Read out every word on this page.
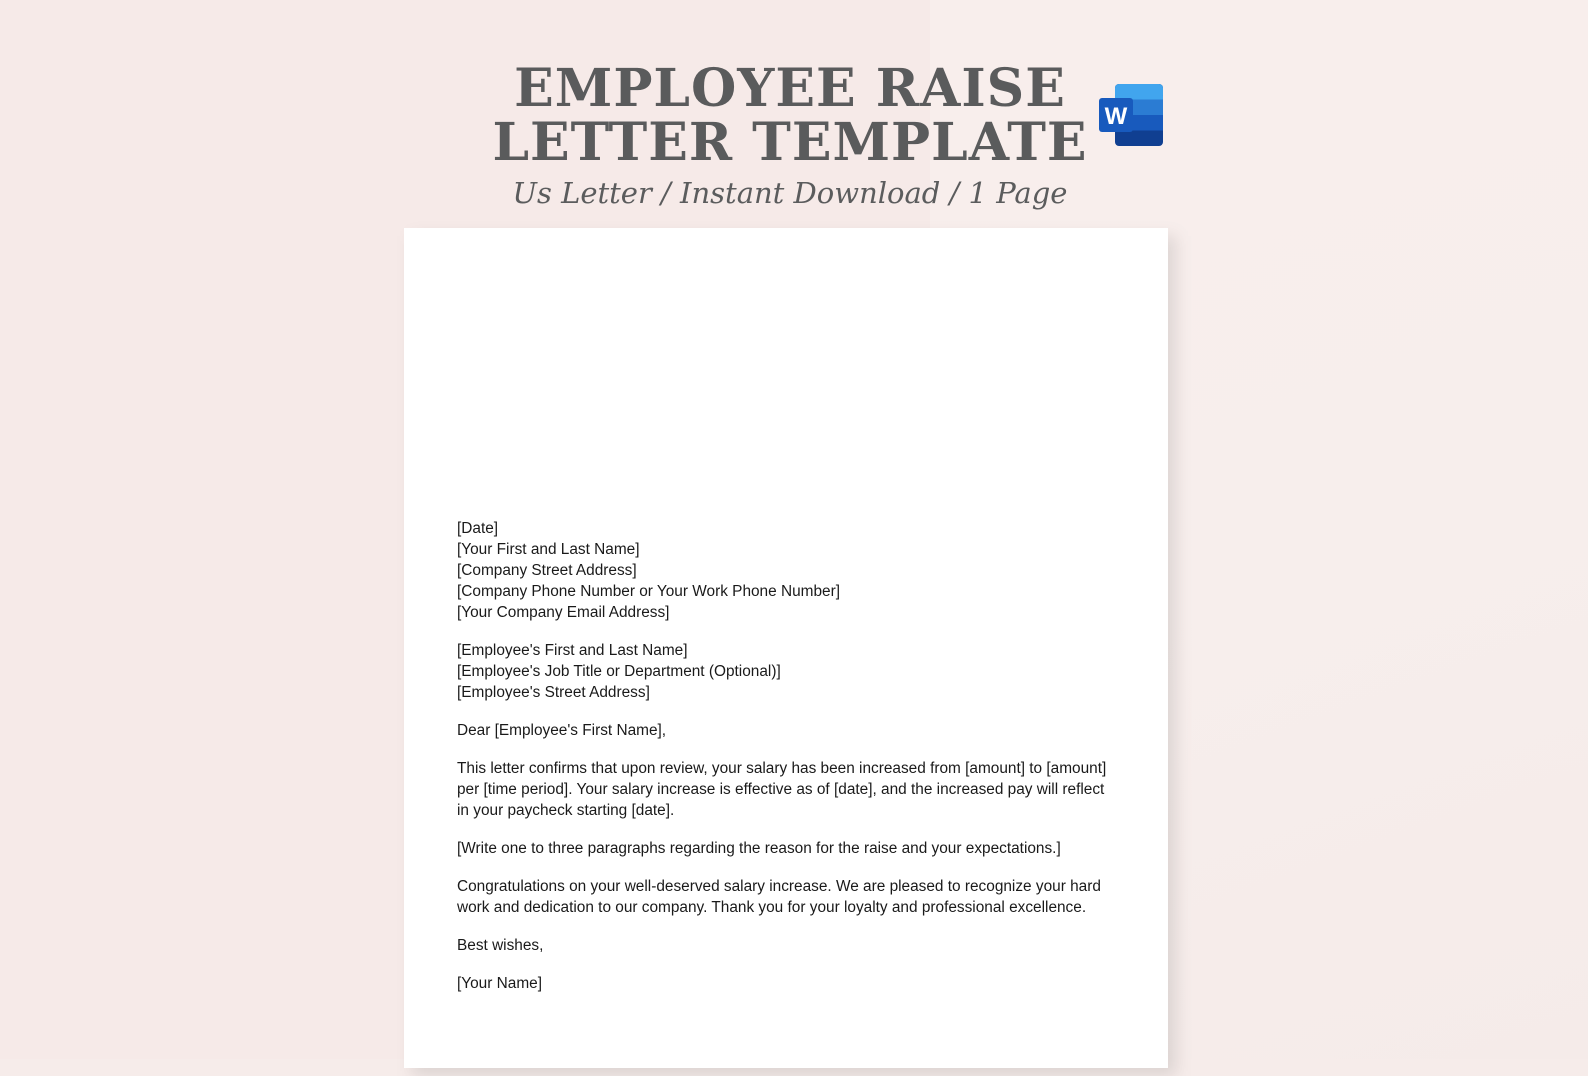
EMPLOYEE RAISE
LETTER TEMPLATE
Us Letter / Instant Download / 1 Page
W
[Date]
[Your First and Last Name]
[Company Street Address]
[Company Phone Number or Your Work Phone Number]
[Your Company Email Address]
[Employee's First and Last Name]
[Employee's Job Title or Department (Optional)]
[Employee's Street Address]

Dear [Employee's First Name],

This letter confirms that upon review, your salary has been increased from [amount] to [amount] per [time period]. Your salary increase is effective as of [date], and the increased pay will reflect in your paycheck starting [date].

[Write one to three paragraphs regarding the reason for the raise and your expectations.]

Congratulations on your well-deserved salary increase. We are pleased to recognize your hard work and dedication to our company. Thank you for your loyalty and professional excellence.

Best wishes,

[Your Name]
